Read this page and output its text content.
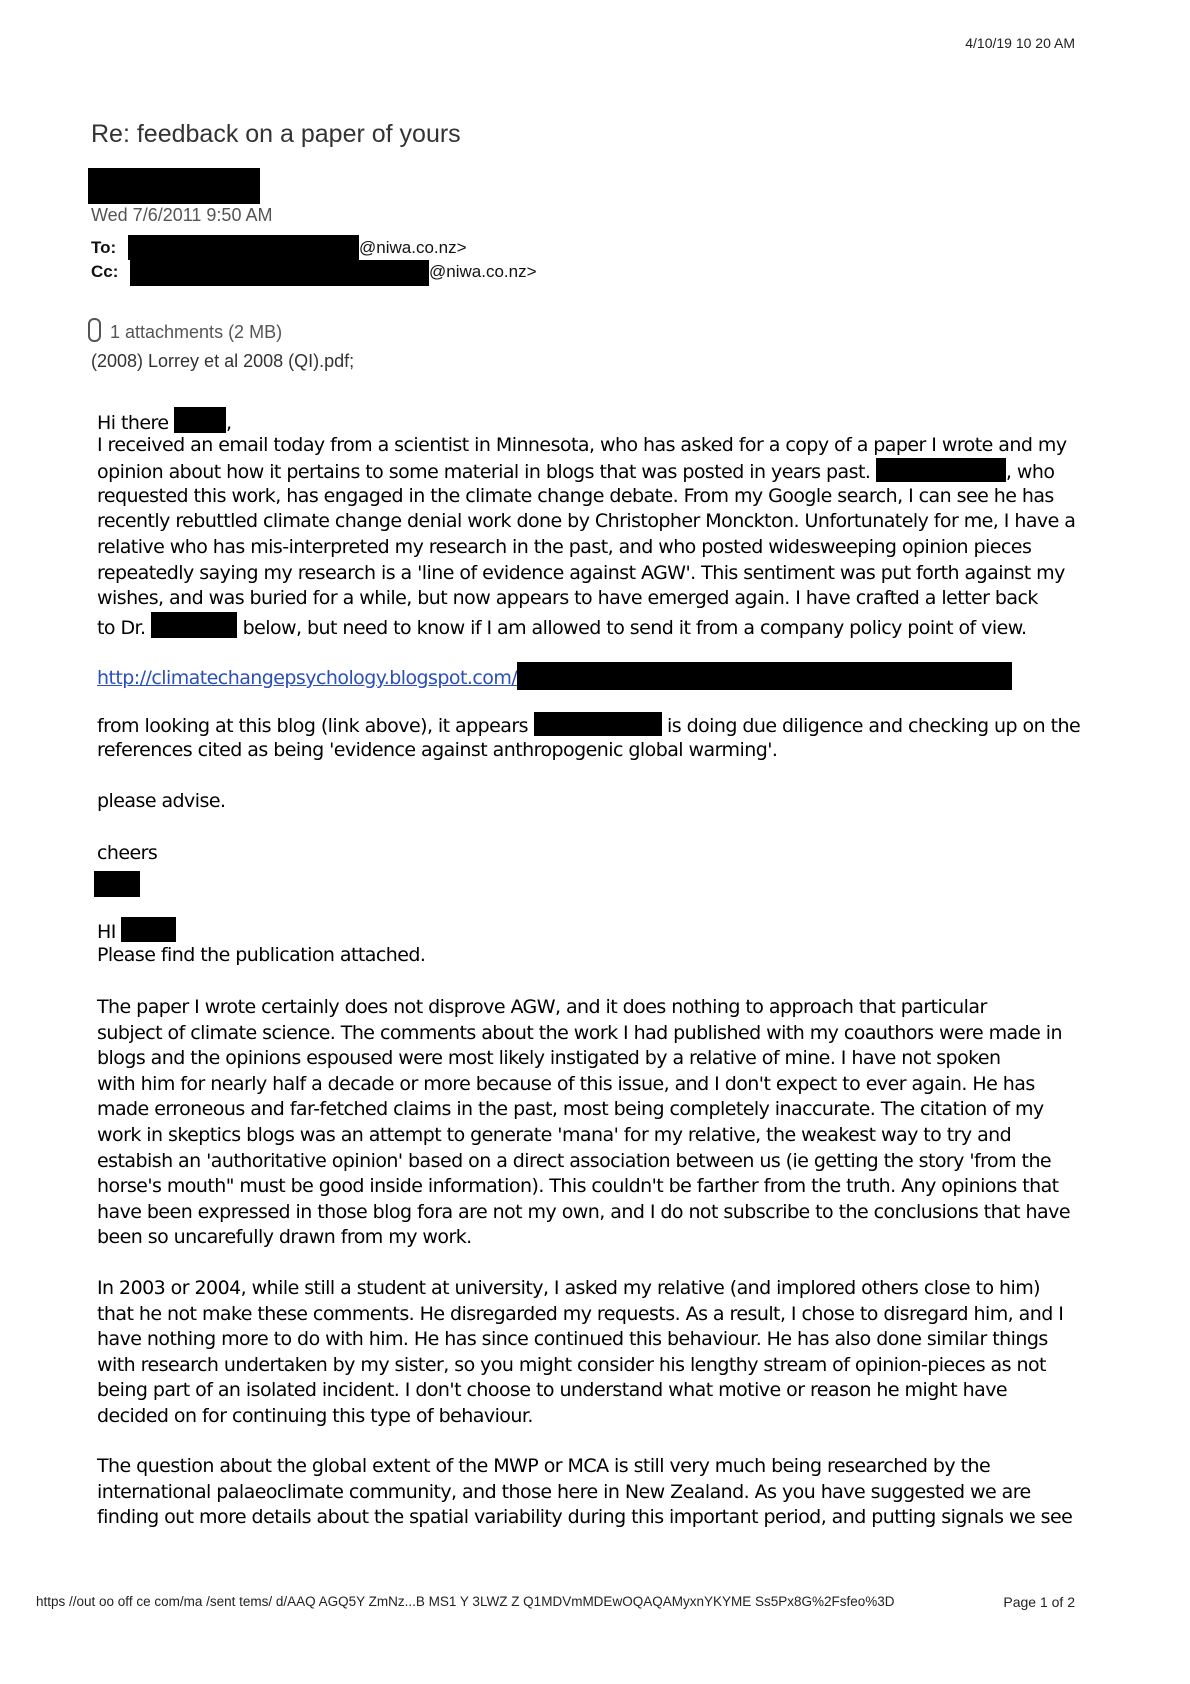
4/10/19 10 20 AM
Re: feedback on a paper of yours
Wed 7/6/2011 9:50 AM
To:	@niwa.co.nz>
Cc:	@niwa.co.nz>
1 attachments (2 MB)
(2008) Lorrey et al 2008 (QI).pdf;
Hi there	,
I received an email today from a scientist in Minnesota, who has asked for a copy of a paper I wrote and my
opinion about how it pertains to some material in blogs that was posted in years past.	, who
requested this work, has engaged in the climate change debate. From my Google search, I can see he has
recently rebuttled climate change denial work done by Christopher Monckton. Unfortunately for me, I have a
relative who has mis-interpreted my research in the past, and who posted widesweeping opinion pieces
repeatedly saying my research is a 'line of evidence against AGW'. This sentiment was put forth against my
wishes, and was buried for a while, but now appears to have emerged again. I have crafted a letter back
to Dr.	below, but need to know if I am allowed to send it from a company policy point of view.
http://climatechangepsychology.blogspot.com/
from looking at this blog (link above), it appears	is doing due diligence and checking up on the
references cited as being 'evidence against anthropogenic global warming'.
please advise.
cheers
HI
Please find the publication attached.
The paper I wrote certainly does not disprove AGW, and it does nothing to approach that particular
subject of climate science. The comments about the work I had published with my coauthors were made in
blogs and the opinions espoused were most likely instigated by a relative of mine. I have not spoken
with him for nearly half a decade or more because of this issue, and I don't expect to ever again. He has
made erroneous and far-fetched claims in the past, most being completely inaccurate. The citation of my
work in skeptics blogs was an attempt to generate 'mana' for my relative, the weakest way to try and
estabish an 'authoritative opinion' based on a direct association between us (ie getting the story 'from the
horse's mouth" must be good inside information). This couldn't be farther from the truth. Any opinions that
have been expressed in those blog fora are not my own, and I do not subscribe to the conclusions that have
been so uncarefully drawn from my work.
In 2003 or 2004, while still a student at university, I asked my relative (and implored others close to him)
that he not make these comments. He disregarded my requests. As a result, I chose to disregard him, and I
have nothing more to do with him. He has since continued this behaviour. He has also done similar things
with research undertaken by my sister, so you might consider his lengthy stream of opinion-pieces as not
being part of an isolated incident. I don't choose to understand what motive or reason he might have
decided on for continuing this type of behaviour.
The question about the global extent of the MWP or MCA is still very much being researched by the
international palaeoclimate community, and those here in New Zealand. As you have suggested we are
finding out more details about the spatial variability during this important period, and putting signals we see
https //out oo off ce com/ma /sent tems/ d/AAQ AGQ5Y ZmNz...B MS1 Y 3LWZ Z Q1MDVmMDEwOQAQAMyxnYKYME Ss5Px8G%2Fsfeo%3D	Page 1 of 2
